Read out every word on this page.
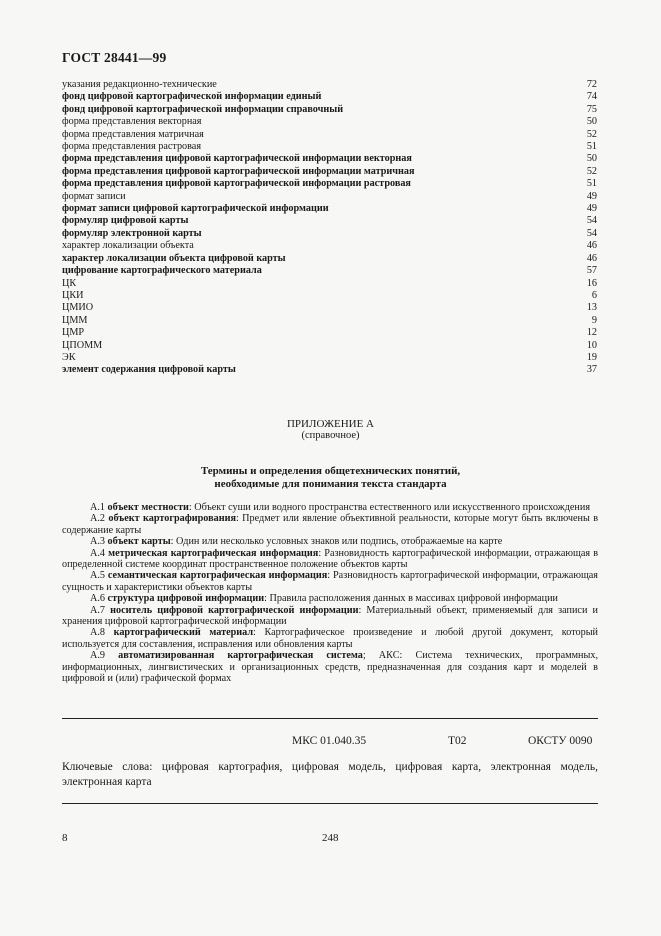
ГОСТ 28441—99
указания редакционно-технические	72
фонд цифровой картографической информации единый	74
фонд цифровой картографической информации справочный	75
форма представления векторная	50
форма представления матричная	52
форма представления растровая	51
форма представления цифровой картографической информации векторная	50
форма представления цифровой картографической информации матричная	52
форма представления цифровой картографической информации растровая	51
формат записи	49
формат записи цифровой картографической информации	49
формуляр цифровой карты	54
формуляр электронной карты	54
характер локализации объекта	46
характер локализации объекта цифровой карты	46
цифрование картографического материала	57
ЦК	16
ЦКИ	6
ЦМИО	13
ЦММ	9
ЦМР	12
ЦПОММ	10
ЭК	19
элемент содержания цифровой карты	37
ПРИЛОЖЕНИЕ А
(справочное)
Термины и определения общетехнических понятий,
необходимые для понимания текста стандарта

А.1 объект местности: Объект суши или водного пространства естественного или искусственного происхождения

А.2 объект картографирования: Предмет или явление объективной реальности, которые могут быть включены в содержание карты

А.3 объект карты: Один или несколько условных знаков или подпись, отображаемые на карте

А.4 метрическая картографическая информация: Разновидность картографической информации, отражающая в определенной системе координат пространственное положение объектов карты

А.5 семантическая картографическая информация: Разновидность картографической информации, отражающая сущность и характеристики объектов карты

А.6 структура цифровой информации: Правила расположения данных в массивах цифровой информации

А.7 носитель цифровой картографической информации: Материальный объект, применяемый для записи и хранения цифровой картографической информации

А.8 картографический материал: Картографическое произведение и любой другой документ, который используется для составления, исправления или обновления карты

А.9 автоматизированная картографическая система; АКС: Система технических, программных, информационных, лингвистических и организационных средств, предназначенная для создания карт и моделей в цифровой и (или) графической формах

МКС 01.040.35	Т02	ОКСТУ 0090
Ключевые слова: цифровая картография, цифровая модель, цифровая карта, электронная модель, электронная карта
8	248
